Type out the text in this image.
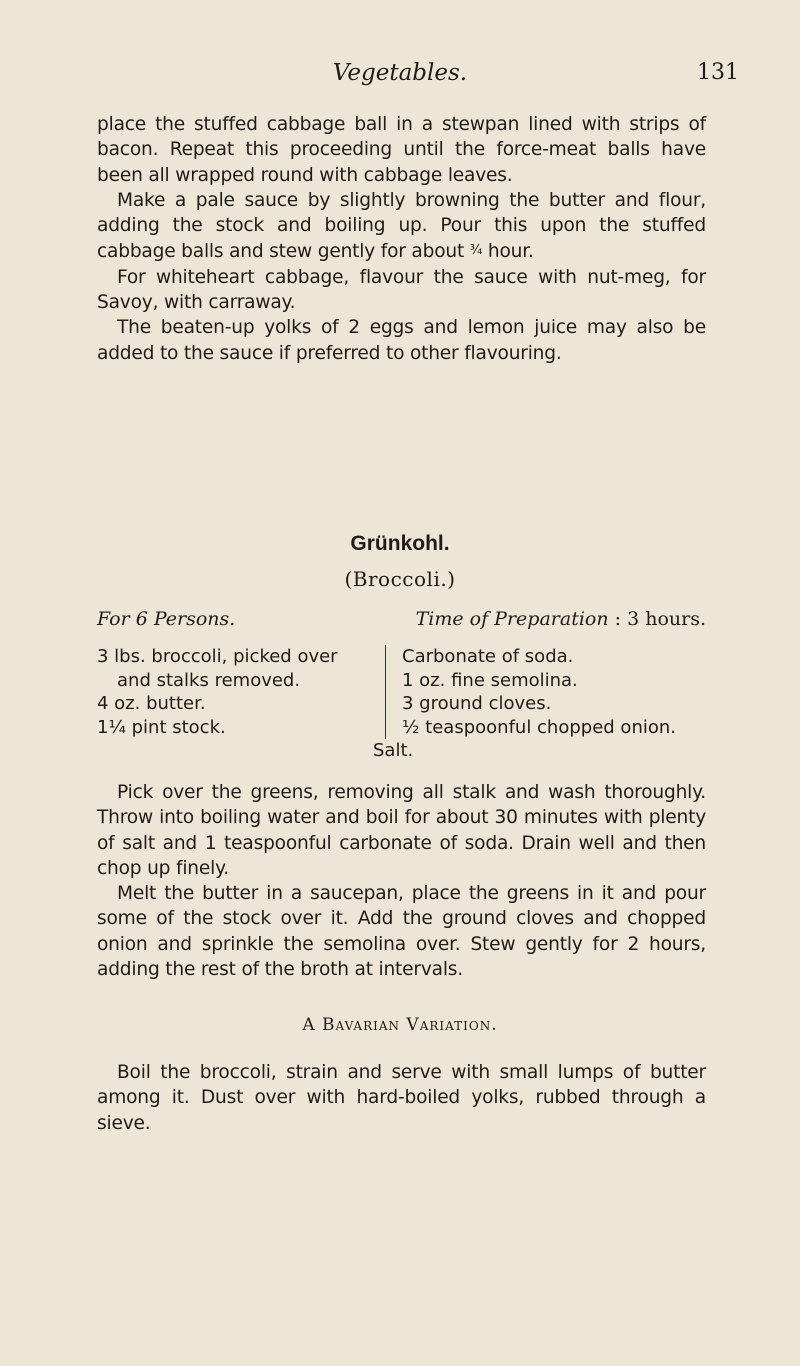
Vegetables.	131

place the stuffed cabbage ball in a stewpan lined with strips of bacon. Repeat this proceeding until the force-meat balls have been all wrapped round with cabbage leaves.

Make a pale sauce by slightly browning the butter and flour, adding the stock and boiling up. Pour this upon the stuffed cabbage balls and stew gently for about ¾ hour.

For whiteheart cabbage, flavour the sauce with nut-meg, for Savoy, with carraway.

The beaten-up yolks of 2 eggs and lemon juice may also be added to the sauce if preferred to other flavouring.

Grünkohl.
(Broccoli.)
For 6 Persons.	Time of Preparation : 3 hours.
3 lbs. broccoli, picked over
and stalks removed.
4 oz. butter.
1¼ pint stock.
Carbonate of soda.
1 oz. fine semolina.
3 ground cloves.
½ teaspoonful chopped onion.
Salt.

Pick over the greens, removing all stalk and wash thoroughly. Throw into boiling water and boil for about 30 minutes with plenty of salt and 1 teaspoonful carbonate of soda. Drain well and then chop up finely.

Melt the butter in a saucepan, place the greens in it and pour some of the stock over it. Add the ground cloves and chopped onion and sprinkle the semolina over. Stew gently for 2 hours, adding the rest of the broth at intervals.

A Bavarian Variation.

Boil the broccoli, strain and serve with small lumps of butter among it. Dust over with hard-boiled yolks, rubbed through a sieve.
